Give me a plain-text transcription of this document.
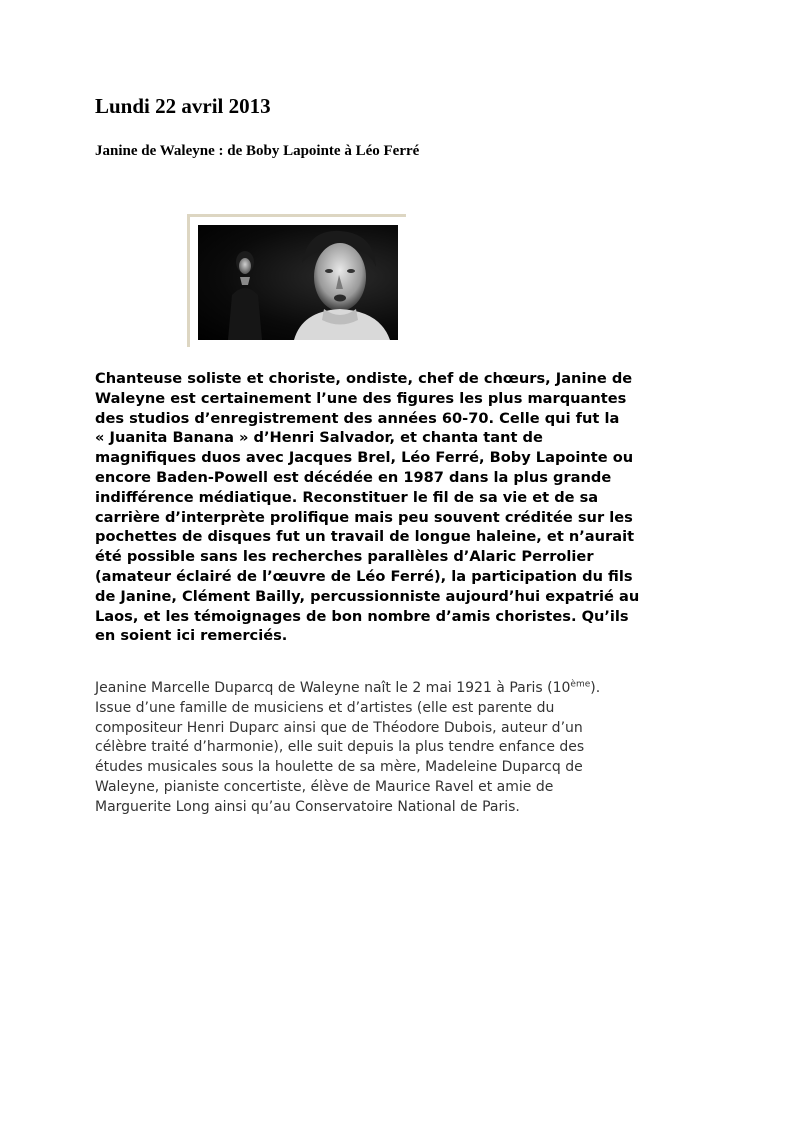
Lundi 22 avril 2013
Janine de Waleyne : de Boby Lapointe à Léo Ferré
Chanteuse soliste et choriste, ondiste, chef de chœurs, Janine de
Waleyne est certainement l’une des figures les plus marquantes
des studios d’enregistrement des années 60-70. Celle qui fut la
« Juanita Banana » d’Henri Salvador, et chanta tant de
magnifiques duos avec Jacques Brel, Léo Ferré, Boby Lapointe ou
encore Baden-Powell est décédée en 1987 dans la plus grande
indifférence médiatique. Reconstituer le fil de sa vie et de sa
carrière d’interprète prolifique mais peu souvent créditée sur les
pochettes de disques fut un travail de longue haleine, et n’aurait
été possible sans les recherches parallèles d’Alaric Perrolier
(amateur éclairé de l’œuvre de Léo Ferré), la participation du fils
de Janine, Clément Bailly, percussionniste aujourd’hui expatrié au
Laos, et les témoignages de bon nombre d’amis choristes. Qu’ils
en soient ici remerciés.
Jeanine Marcelle Duparcq de Waleyne naît le 2 mai 1921 à Paris (10ème).
Issue d’une famille de musiciens et d’artistes (elle est parente du
compositeur Henri Duparc ainsi que de Théodore Dubois, auteur d’un
célèbre traité d’harmonie), elle suit depuis la plus tendre enfance des
études musicales sous la houlette de sa mère, Madeleine Duparcq de
Waleyne, pianiste concertiste, élève de Maurice Ravel et amie de
Marguerite Long ainsi qu’au Conservatoire National de Paris.
